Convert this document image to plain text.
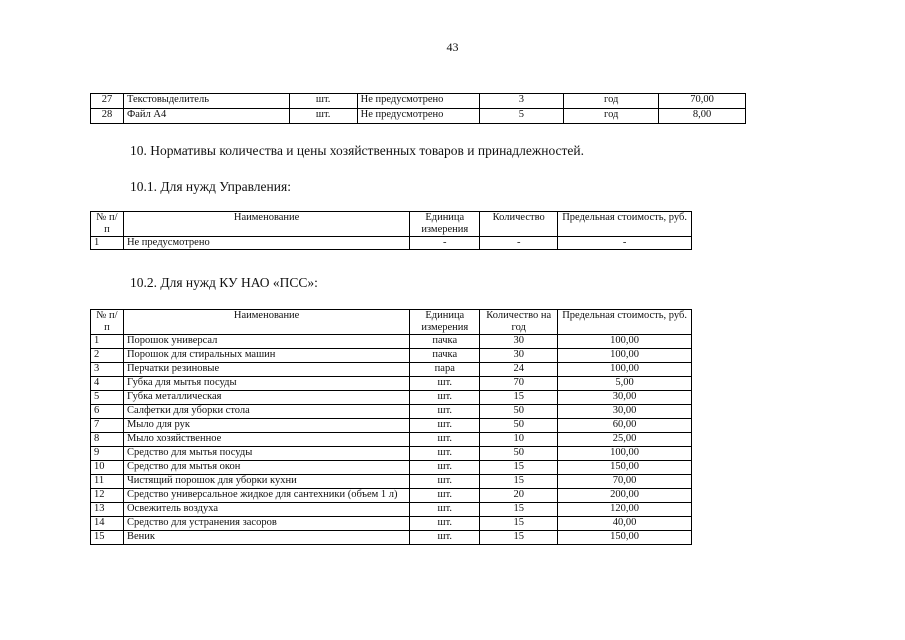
43
27	Текстовыделитель	шт.	Не предусмотрено	3	год	70,00
28	Файл А4	шт.	Не предусмотрено	5	год	8,00
10. Нормативы количества и цены хозяйственных товаров и принадлежностей.
10.1. Для нужд Управления:
№ п/п	Наименование	Единица измерения	Количество	Предельная стоимость, руб.
1	Не предусмотрено	-	-	-
10.2. Для нужд КУ НАО «ПСС»:
№ п/п	Наименование	Единица измерения	Количество на год	Предельная стоимость, руб.
1	Порошок универсал	пачка	30	100,00
2	Порошок для стиральных машин	пачка	30	100,00
3	Перчатки резиновые	пара	24	100,00
4	Губка для мытья посуды	шт.	70	5,00
5	Губка металлическая	шт.	15	30,00
6	Салфетки для уборки стола	шт.	50	30,00
7	Мыло для рук	шт.	50	60,00
8	Мыло хозяйственное	шт.	10	25,00
9	Средство для мытья посуды	шт.	50	100,00
10	Средство для мытья окон	шт.	15	150,00
11	Чистящий порошок для уборки кухни	шт.	15	70,00
12	Средство универсальное жидкое для сантехники (объем 1 л)	шт.	20	200,00
13	Освежитель воздуха	шт.	15	120,00
14	Средство для устранения засоров	шт.	15	40,00
15	Веник	шт.	15	150,00
